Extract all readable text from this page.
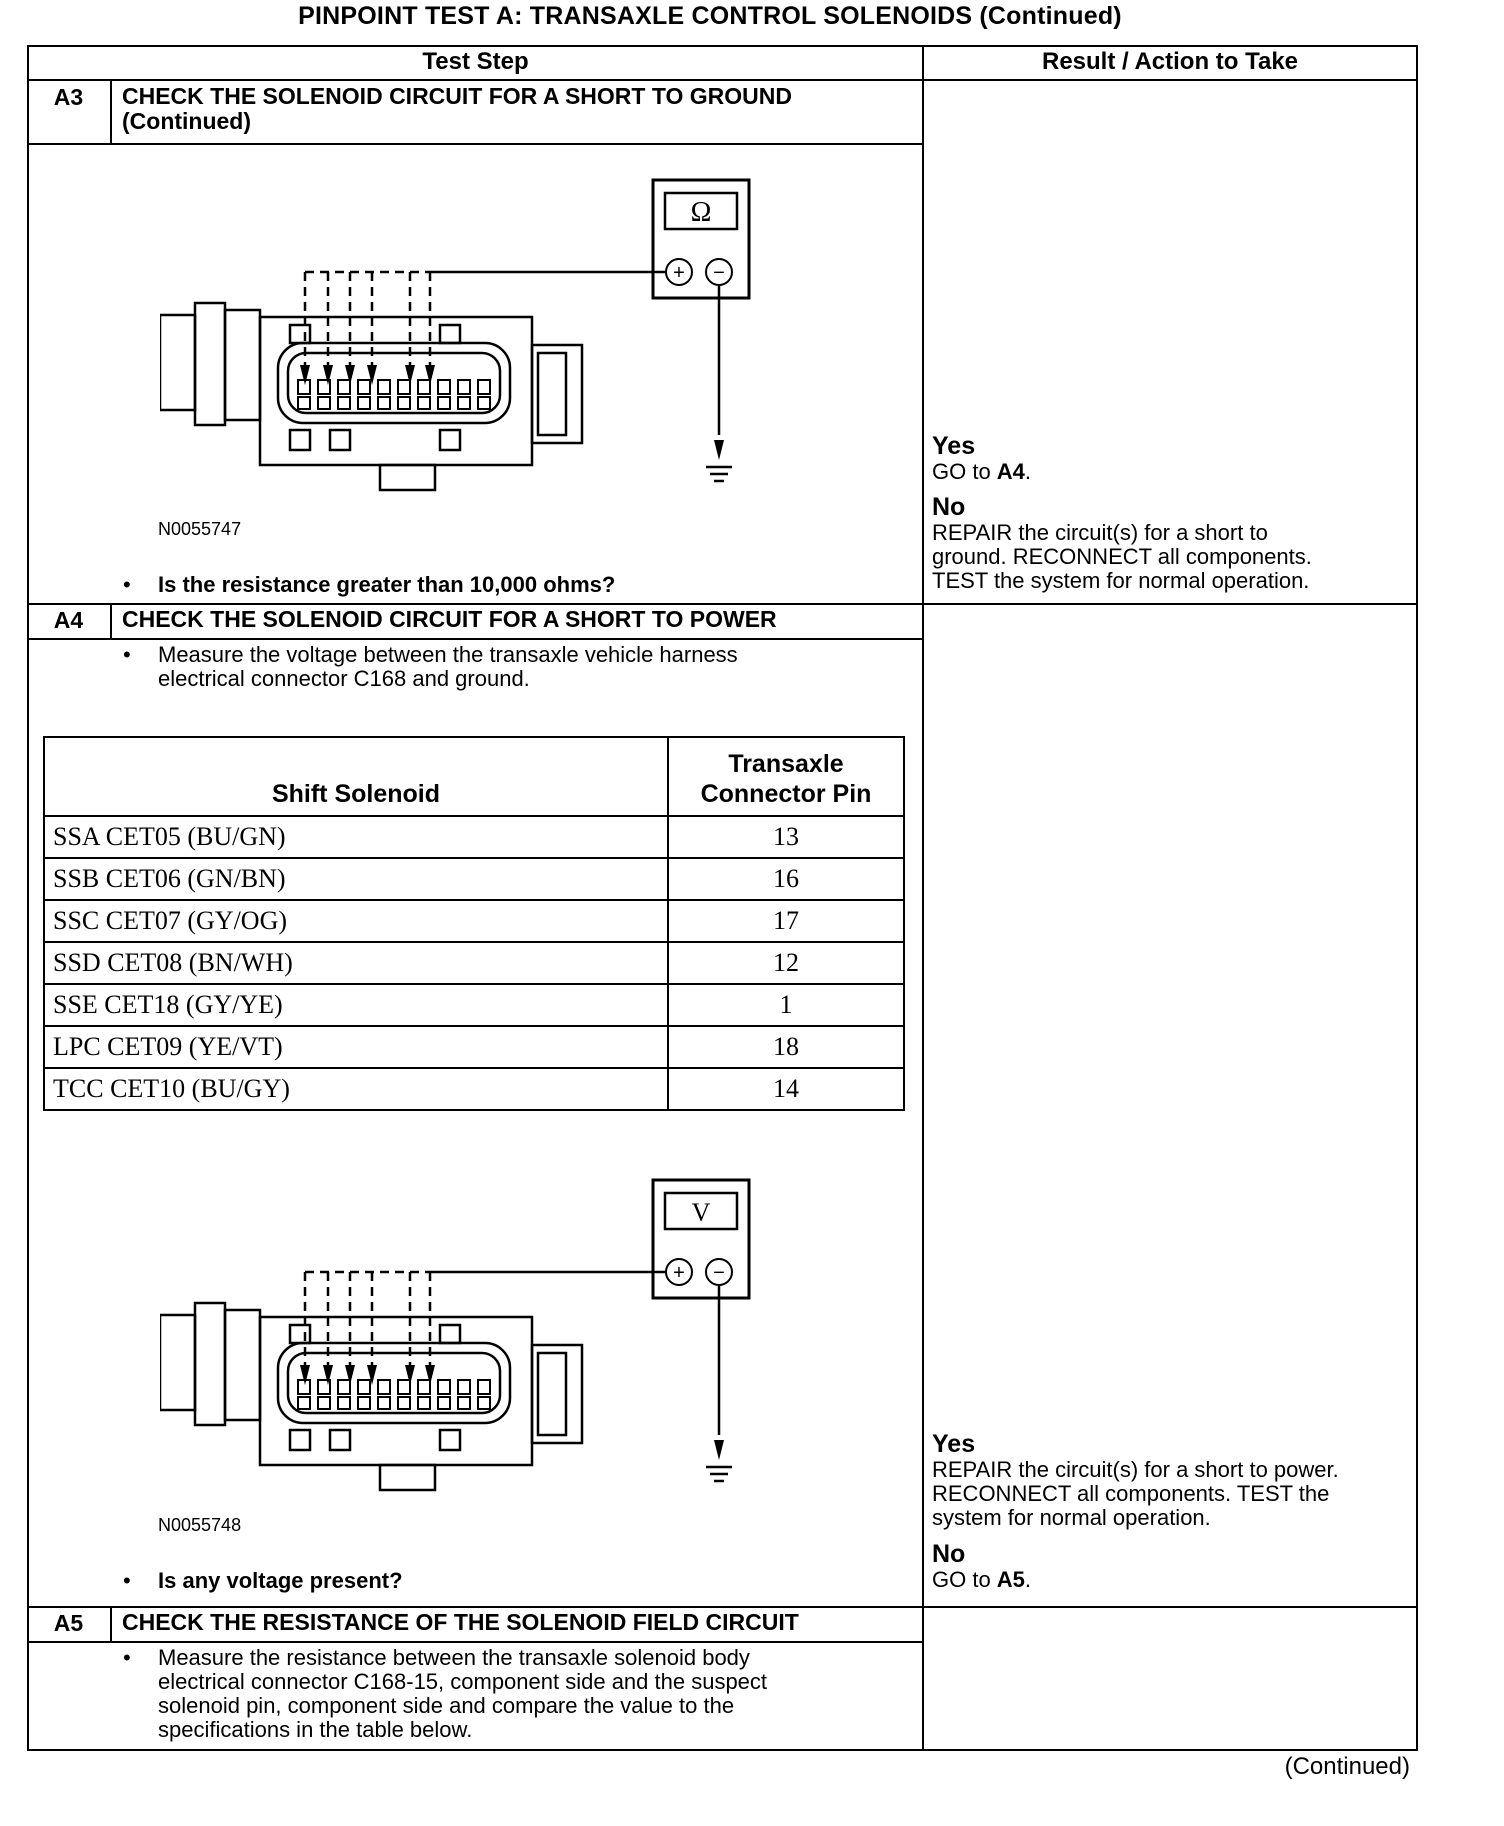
PINPOINT TEST A: TRANSAXLE CONTROL SOLENOIDS (Continued)
Test Step	Result / Action to Take
A3	CHECK THE SOLENOID CIRCUIT FOR A SHORT TO GROUND
(Continued)
Ω
+ −
N0055747
• Is the resistance greater than 10,000 ohms?
Yes
GO to A4.
No
REPAIR the circuit(s) for a short to
ground. RECONNECT all components.
TEST the system for normal operation.
A4	CHECK THE SOLENOID CIRCUIT FOR A SHORT TO POWER
• Measure the voltage between the transaxle vehicle harness
electrical connector C168 and ground.
Shift Solenoid	Transaxle
Connector Pin

SSA CET05 (BU/GN)	13
SSB CET06 (GN/BN)	16
SSC CET07 (GY/OG)	17
SSD CET08 (BN/WH)	12
SSE CET18 (GY/YE)	1
LPC CET09 (YE/VT)	18
TCC CET10 (BU/GY)	14
V
+ −
N0055748
• Is any voltage present?
Yes
REPAIR the circuit(s) for a short to power.
RECONNECT all components. TEST the
system for normal operation.
No
GO to A5.
A5	CHECK THE RESISTANCE OF THE SOLENOID FIELD CIRCUIT
• Measure the resistance between the transaxle solenoid body
electrical connector C168-15, component side and the suspect
solenoid pin, component side and compare the value to the
specifications in the table below.
(Continued)
